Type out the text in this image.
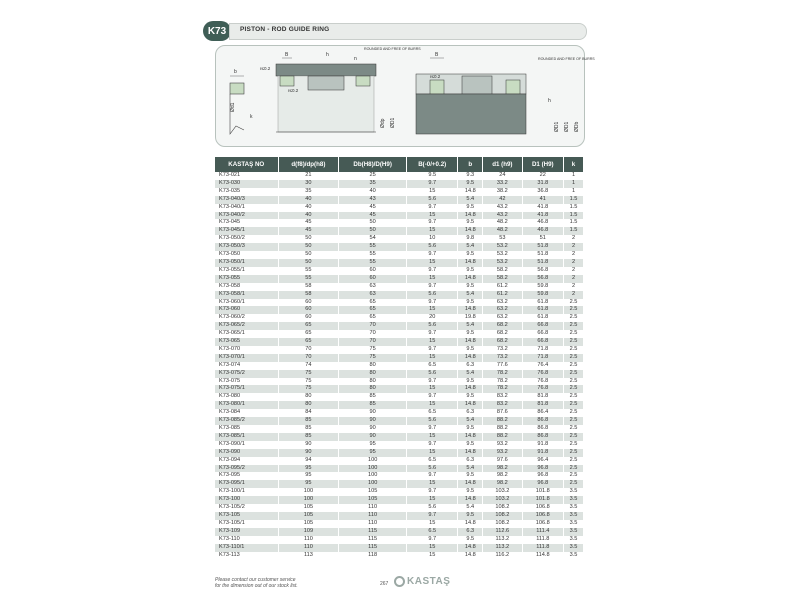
K73	PISTON - ROD GUIDE RING
b
Ød1
k
B
r≤0.2
r≤0.2
h
n
ROUNDED AND FREE OF BURRS
Ødp ØD1
B
r≤0.2
ROUNDED AND FREE OF BURRS
h
ØD1 ØD1 ØDb
KASTAŞ NO	d(f8)/dp(h8)	Db(H8)/D(H9)	B(-0/+0.2)	b	d1 (h9)	D1 (H9)	k
K73-021	21	25	9.5	9.3	24	22	1
K73-030	30	35	9.7	9.5	33.2	31.8	1
K73-035	35	40	15	14.8	38.2	36.8	1
K73-040/3	40	43	5.6	5.4	42	41	1.5
K73-040/1	40	45	9.7	9.5	43.2	41.8	1.5
K73-040/2	40	45	15	14.8	43.2	41.8	1.5
K73-045	45	50	9.7	9.5	48.2	46.8	1.5
K73-045/1	45	50	15	14.8	48.2	46.8	1.5
K73-050/2	50	54	10	9.8	53	51	2
K73-050/3	50	55	5.6	5.4	53.2	51.8	2
K73-050	50	55	9.7	9.5	53.2	51.8	2
K73-050/1	50	55	15	14.8	53.2	51.8	2
K73-055/1	55	60	9.7	9.5	58.2	56.8	2
K73-055	55	60	15	14.8	58.2	56.8	2
K73-058	58	63	9.7	9.5	61.2	59.8	2
K73-058/1	58	63	5.6	5.4	61.2	59.8	2
K73-060/1	60	65	9.7	9.5	63.2	61.8	2.5
K73-060	60	65	15	14.8	63.2	61.8	2.5
K73-060/2	60	65	20	19.8	63.2	61.8	2.5
K73-065/2	65	70	5.6	5.4	68.2	66.8	2.5
K73-065/1	65	70	9.7	9.5	68.2	66.8	2.5
K73-065	65	70	15	14.8	68.2	66.8	2.5
K73-070	70	75	9.7	9.5	73.2	71.8	2.5
K73-070/1	70	75	15	14.8	73.2	71.8	2.5
K73-074	74	80	6.5	6.3	77.6	76.4	2.5
K73-075/2	75	80	5.6	5.4	78.2	76.8	2.5
K73-075	75	80	9.7	9.5	78.2	76.8	2.5
K73-075/1	75	80	15	14.8	78.2	76.8	2.5
K73-080	80	85	9.7	9.5	83.2	81.8	2.5
K73-080/1	80	85	15	14.8	83.2	81.8	2.5
K73-084	84	90	6.5	6.3	87.6	86.4	2.5
K73-085/2	85	90	5.6	5.4	88.2	86.8	2.5
K73-085	85	90	9.7	9.5	88.2	86.8	2.5
K73-085/1	85	90	15	14.8	88.2	86.8	2.5
K73-090/1	90	95	9.7	9.5	93.2	91.8	2.5
K73-090	90	95	15	14.8	93.2	91.8	2.5
K73-094	94	100	6.5	6.3	97.6	96.4	2.5
K73-095/2	95	100	5.6	5.4	98.2	96.8	2.5
K73-095	95	100	9.7	9.5	98.2	96.8	2.5
K73-095/1	95	100	15	14.8	98.2	96.8	2.5
K73-100/1	100	105	9.7	9.5	103.2	101.8	3.5
K73-100	100	105	15	14.8	103.2	101.8	3.5
K73-105/2	105	110	5.6	5.4	108.2	106.8	3.5
K73-105	105	110	9.7	9.5	108.2	106.8	3.5
K73-105/1	105	110	15	14.8	108.2	106.8	3.5
K73-109	109	115	6.5	6.3	112.6	111.4	3.5
K73-110	110	115	9.7	9.5	113.2	111.8	3.5
K73-110/1	110	115	15	14.8	113.2	111.8	3.5
K73-113	113	118	15	14.8	116.2	114.8	3.5
Please contact our customer service
for the dimension out of our stock list.	267 KASTAŞ
